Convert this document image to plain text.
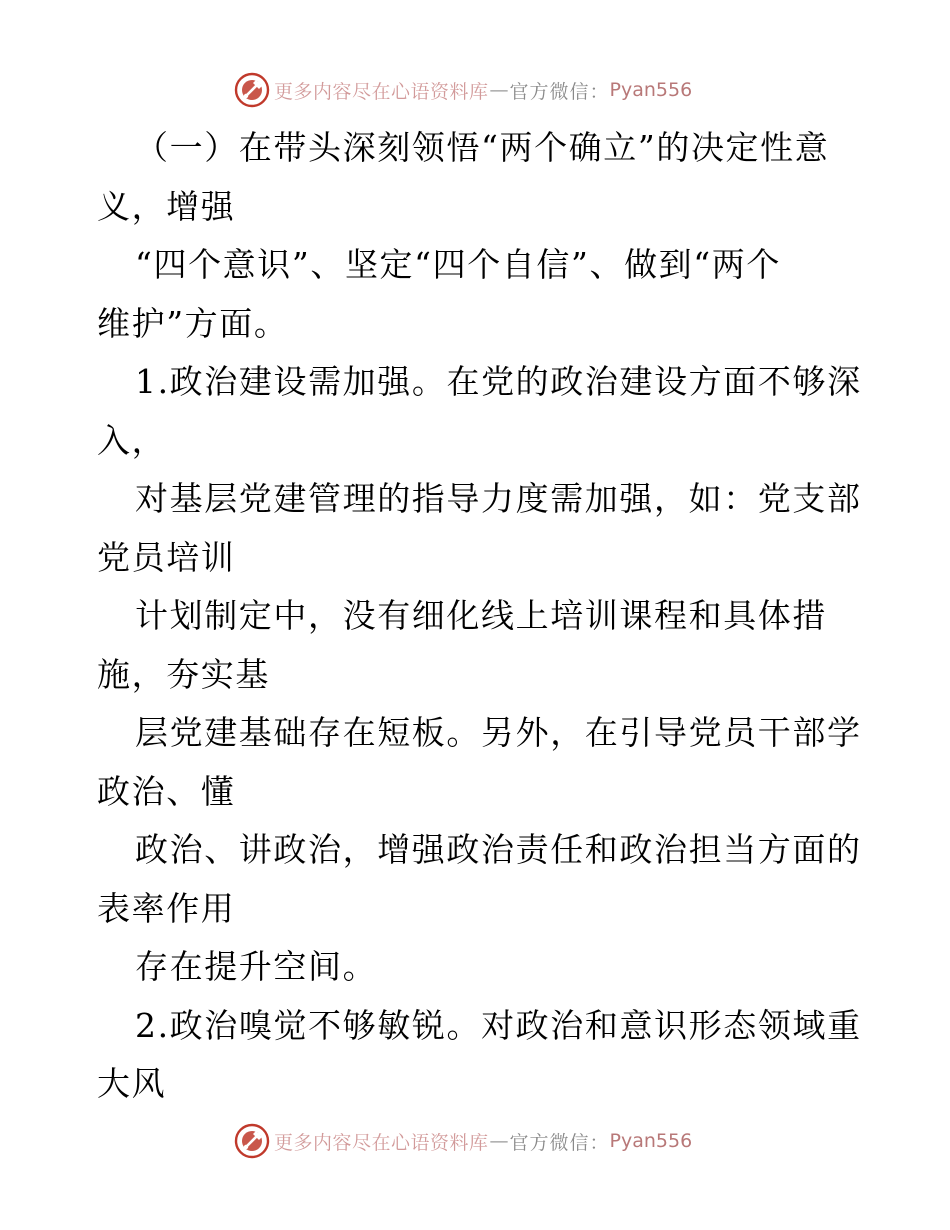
更多内容尽在心语资料库 — 官方微信： Pyan556
（一）在带头深刻领悟“两个确立”的决定性意
义，增强
“四个意识”、坚定“四个自信”、做到“两个
维护”方面。
1.政治建设需加强。在党的政治建设方面不够深
入，
对基层党建管理的指导力度需加强，如：党支部
党员培训
计划制定中，没有细化线上培训课程和具体措
施，夯实基
层党建基础存在短板。另外，在引导党员干部学
政治、懂
政治、讲政治，增强政治责任和政治担当方面的
表率作用
存在提升空间。
2.政治嗅觉不够敏锐。对政治和意识形态领域重
大风
更多内容尽在心语资料库 — 官方微信： Pyan556
